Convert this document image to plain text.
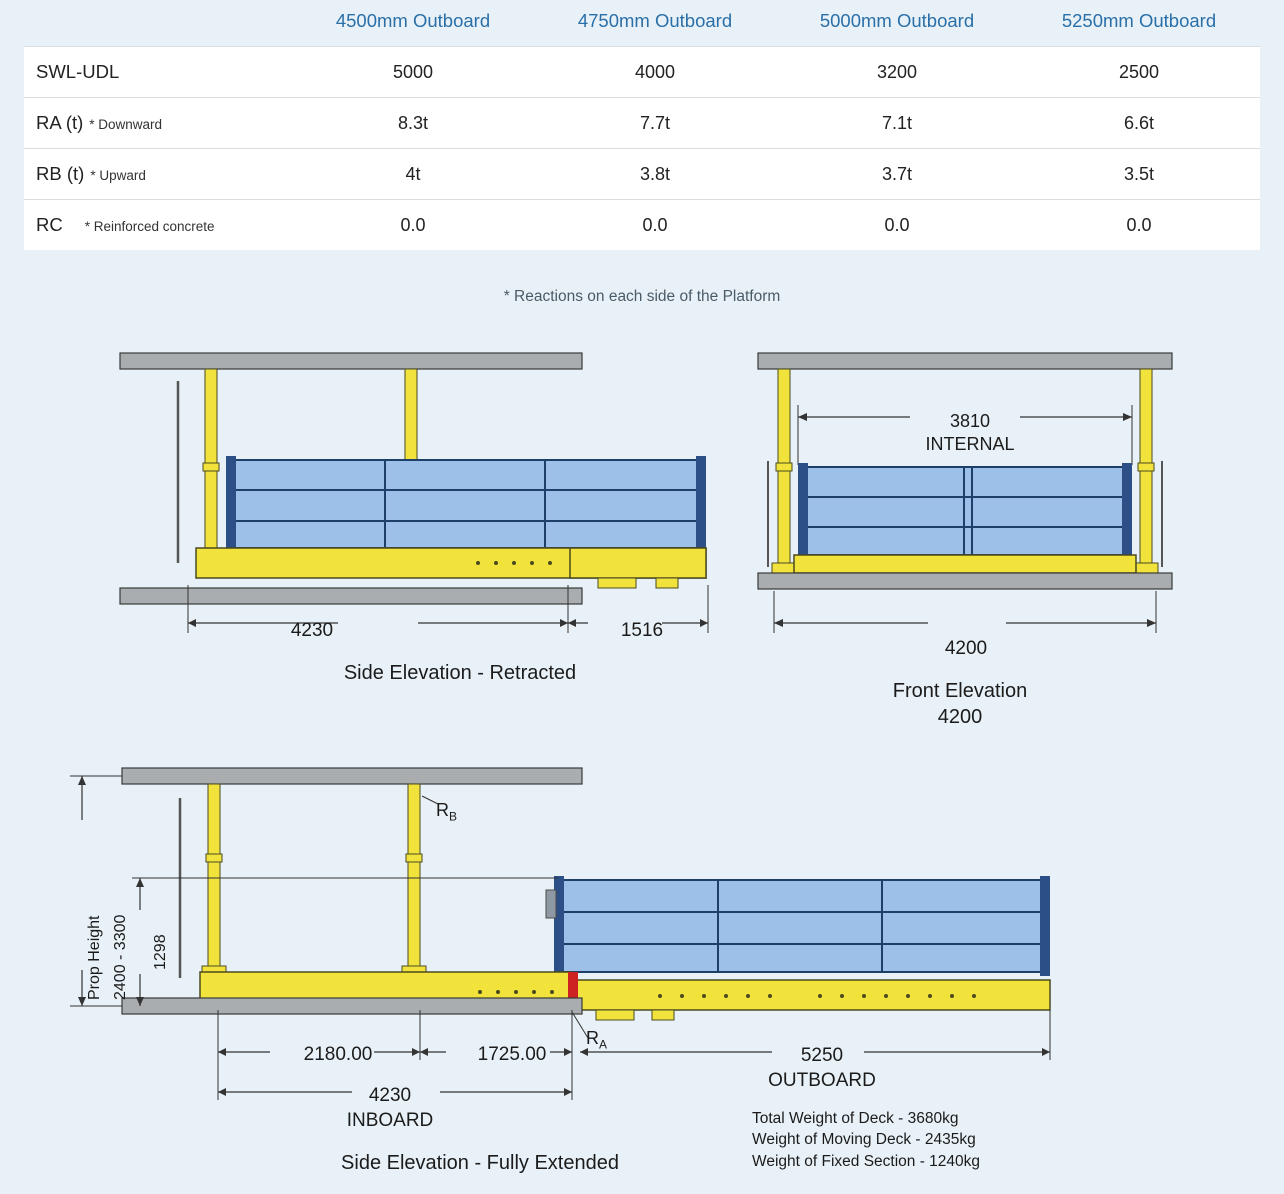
	4500mm Outboard	4750mm Outboard	5000mm Outboard	5250mm Outboard
SWL-UDL	5000	4000	3200	2500
RA (t) * Downward	8.3t	7.7t	7.1t	6.6t
RB (t) * Upward	4t	3.8t	3.7t	3.5t
RC * Reinforced concrete	0.0	0.0	0.0	0.0
* Reactions on each side of the Platform
4230	1516
Side Elevation - Retracted
3810
INTERNAL
4200
Front Elevation
4200
Prop Height 2400 - 3300 1298
2180.00	1725.00	5250
OUTBOARD
4230
INBOARD
$R_B$
$R_A$
Side Elevation - Fully Extended
Total Weight of Deck - 3680kg
Weight of Moving Deck - 2435kg
Weight of Fixed Section - 1240kg
